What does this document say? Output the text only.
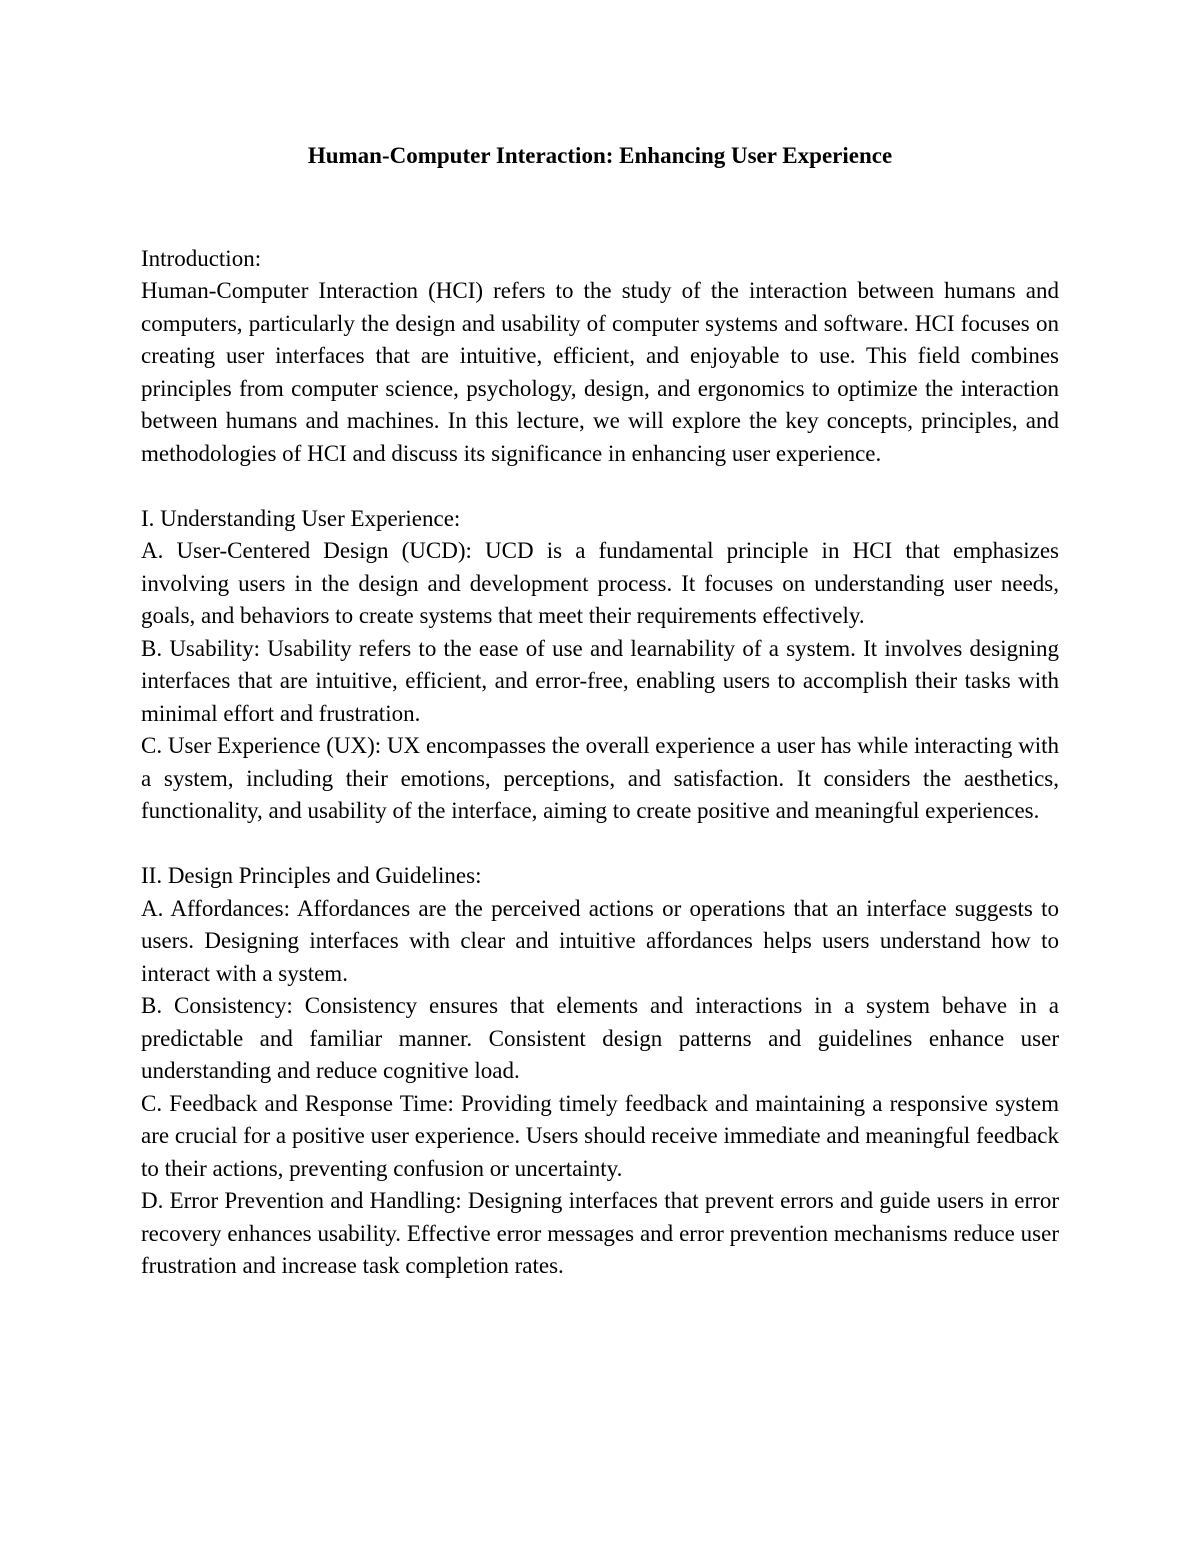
Human-Computer Interaction: Enhancing User Experience

Introduction:

Human-Computer Interaction (HCI) refers to the study of the interaction between humans and computers, particularly the design and usability of computer systems and software. HCI focuses on creating user interfaces that are intuitive, efficient, and enjoyable to use. This field combines principles from computer science, psychology, design, and ergonomics to optimize the interaction between humans and machines. In this lecture, we will explore the key concepts, principles, and methodologies of HCI and discuss its significance in enhancing user experience.

I. Understanding User Experience:

A. User-Centered Design (UCD): UCD is a fundamental principle in HCI that emphasizes involving users in the design and development process. It focuses on understanding user needs, goals, and behaviors to create systems that meet their requirements effectively.

B. Usability: Usability refers to the ease of use and learnability of a system. It involves designing interfaces that are intuitive, efficient, and error-free, enabling users to accomplish their tasks with minimal effort and frustration.

C. User Experience (UX): UX encompasses the overall experience a user has while interacting with a system, including their emotions, perceptions, and satisfaction. It considers the aesthetics, functionality, and usability of the interface, aiming to create positive and meaningful experiences.

II. Design Principles and Guidelines:

A. Affordances: Affordances are the perceived actions or operations that an interface suggests to users. Designing interfaces with clear and intuitive affordances helps users understand how to interact with a system.

B. Consistency: Consistency ensures that elements and interactions in a system behave in a predictable and familiar manner. Consistent design patterns and guidelines enhance user understanding and reduce cognitive load.

C. Feedback and Response Time: Providing timely feedback and maintaining a responsive system are crucial for a positive user experience. Users should receive immediate and meaningful feedback to their actions, preventing confusion or uncertainty.

D. Error Prevention and Handling: Designing interfaces that prevent errors and guide users in error recovery enhances usability. Effective error messages and error prevention mechanisms reduce user frustration and increase task completion rates.
